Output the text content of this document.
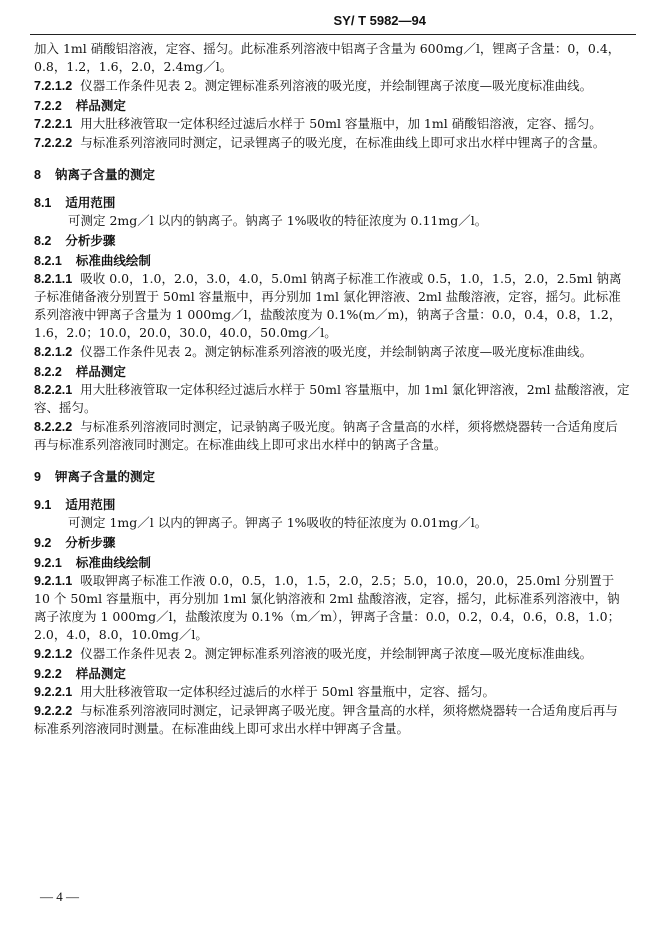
SY/ T 5982—94

加入 1ml 硝酸铝溶液，定容、摇匀。此标准系列溶液中铝离子含量为 600mg／l，锂离子含量：0，0.4，0.8，1.2，1.6，2.0，2.4mg／l。

7.2.1.2 仪器工作条件见表 2。测定锂标准系列溶液的吸光度，并绘制锂离子浓度—吸光度标准曲线。

7.2.2 样品测定

7.2.2.1 用大肚移液管取一定体积经过滤后水样于 50ml 容量瓶中，加 1ml 硝酸铝溶液，定容、摇匀。

7.2.2.2 与标准系列溶液同时测定，记录锂离子的吸光度，在标准曲线上即可求出水样中锂离子的含量。

8 钠离子含量的测定

8.1 适用范围

可测定 2mg／l 以内的钠离子。钠离子 1%吸收的特征浓度为 0.11mg／l。

8.2 分析步骤

8.2.1 标准曲线绘制

8.2.1.1 吸收 0.0，1.0，2.0，3.0，4.0，5.0ml 钠离子标准工作液或 0.5，1.0，1.5，2.0，2.5ml 钠离子标准储备液分别置于 50ml 容量瓶中，再分别加 1ml 氯化钾溶液、2ml 盐酸溶液，定容，摇匀。此标准系列溶液中钾离子含量为 1 000mg／l，盐酸浓度为 0.1%(m／m)，钠离子含量：0.0，0.4，0.8，1.2，1.6，2.0；10.0，20.0，30.0，40.0，50.0mg／l。

8.2.1.2 仪器工作条件见表 2。测定钠标准系列溶液的吸光度，并绘制钠离子浓度—吸光度标准曲线。

8.2.2 样品测定

8.2.2.1 用大肚移液管取一定体积经过滤后水样于 50ml 容量瓶中，加 1ml 氯化钾溶液，2ml 盐酸溶液，定容、摇匀。

8.2.2.2 与标准系列溶液同时测定，记录钠离子吸光度。钠离子含量高的水样，须将燃烧器转一合适角度后再与标准系列溶液同时测定。在标准曲线上即可求出水样中的钠离子含量。

9 钾离子含量的测定

9.1 适用范围

可测定 1mg／l 以内的钾离子。钾离子 1%吸收的特征浓度为 0.01mg／l。

9.2 分析步骤

9.2.1 标准曲线绘制

9.2.1.1 吸取钾离子标准工作液 0.0，0.5，1.0，1.5，2.0，2.5；5.0，10.0，20.0，25.0ml 分别置于 10 个 50ml 容量瓶中，再分别加 1ml 氯化钠溶液和 2ml 盐酸溶液，定容，摇匀，此标准系列溶液中，钠离子浓度为 1 000mg／l，盐酸浓度为 0.1%（m／m），钾离子含量：0.0，0.2，0.4，0.6，0.8，1.0；2.0，4.0，8.0，10.0mg／l。

9.2.1.2 仪器工作条件见表 2。测定钾标准系列溶液的吸光度，并绘制钾离子浓度—吸光度标准曲线。

9.2.2 样品测定

9.2.2.1 用大肚移液管取一定体积经过滤后的水样于 50ml 容量瓶中，定容、摇匀。

9.2.2.2 与标准系列溶液同时测定，记录钾离子吸光度。钾含量高的水样，须将燃烧器转一合适角度后再与标准系列溶液同时测量。在标准曲线上即可求出水样中钾离子含量。

— 4 —
